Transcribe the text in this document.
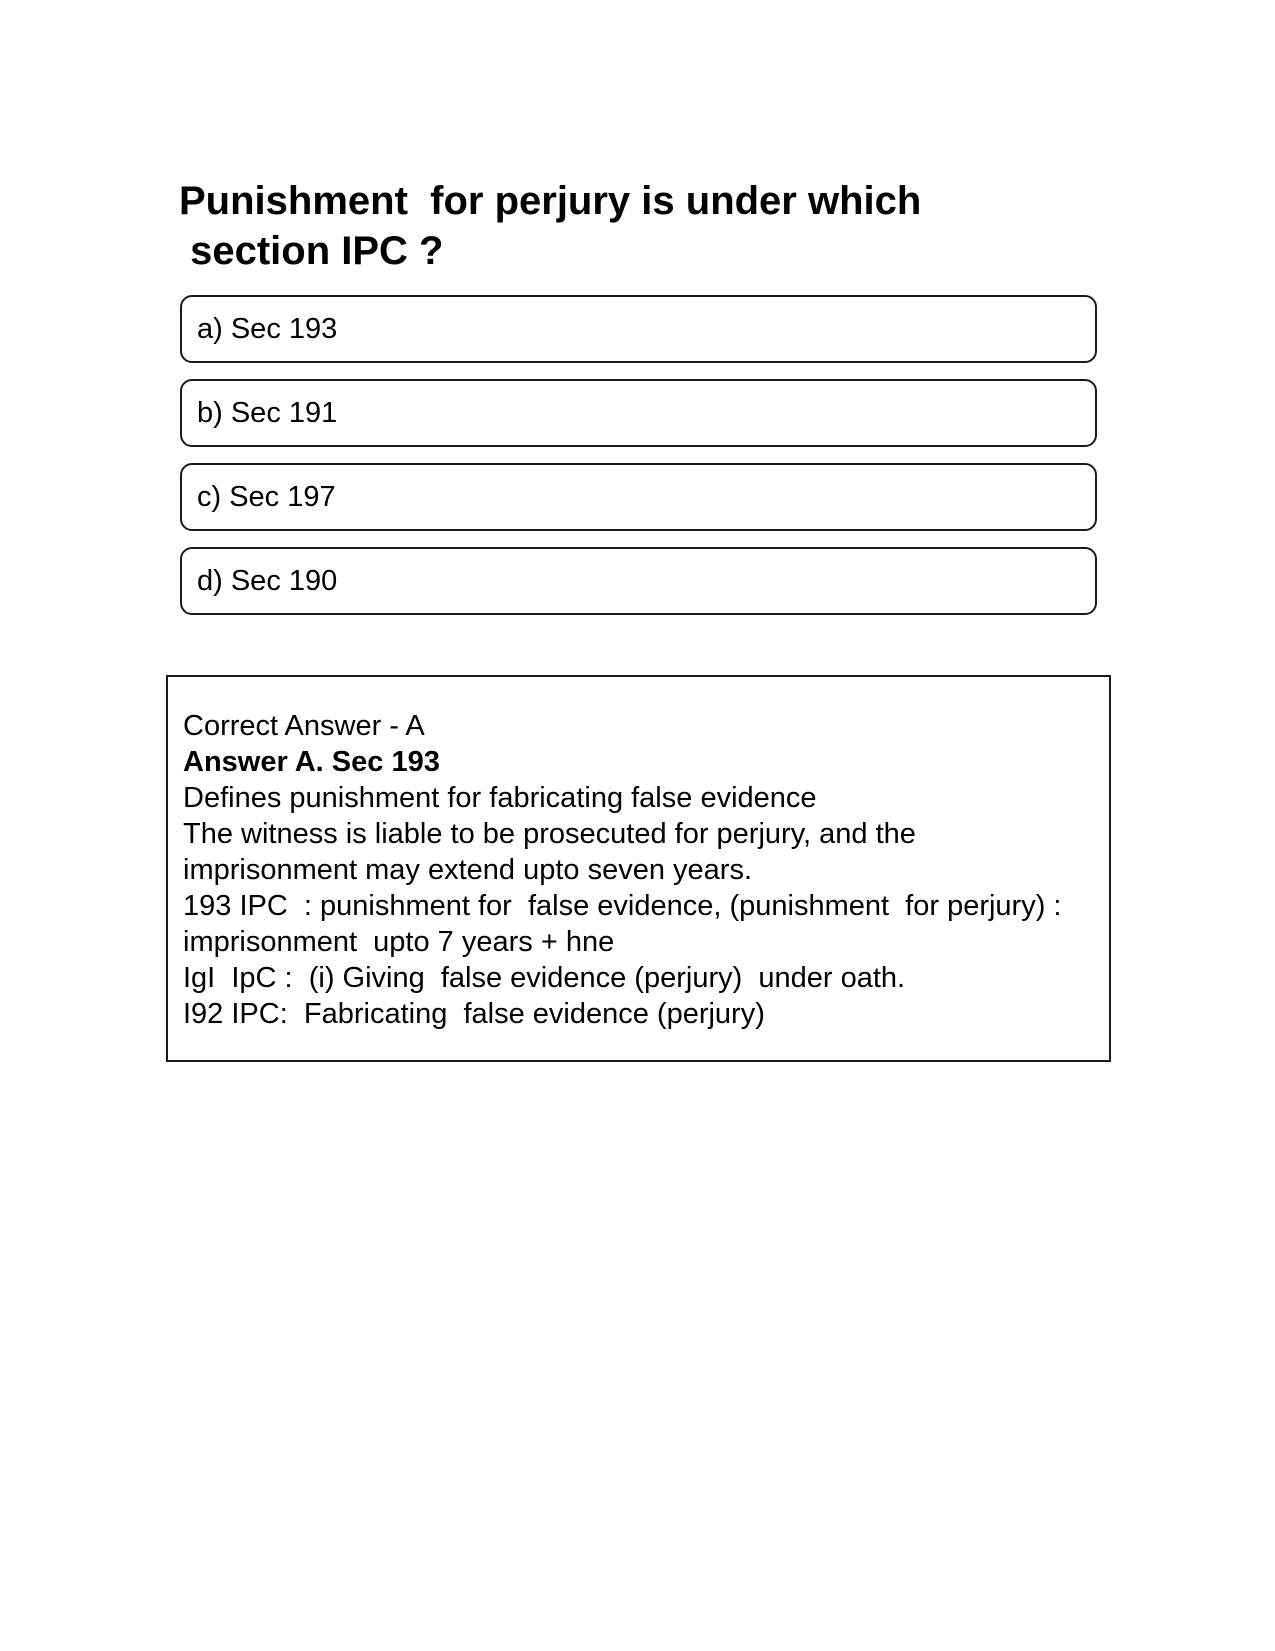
Punishment  for perjury is under which
section IPC ?
a) Sec 193
b) Sec 191
c) Sec 197
d) Sec 190
Correct Answer - A
Answer A. Sec 193
Defines punishment for fabricating false evidence
The witness is liable to be prosecuted for perjury, and the
imprisonment may extend upto seven years.
193 IPC  : punishment for  false evidence, (punishment  for perjury) :
imprisonment  upto 7 years + hne
IgI  IpC :  (i) Giving  false evidence (perjury)  under oath.
I92 IPC:  Fabricating  false evidence (perjury)
